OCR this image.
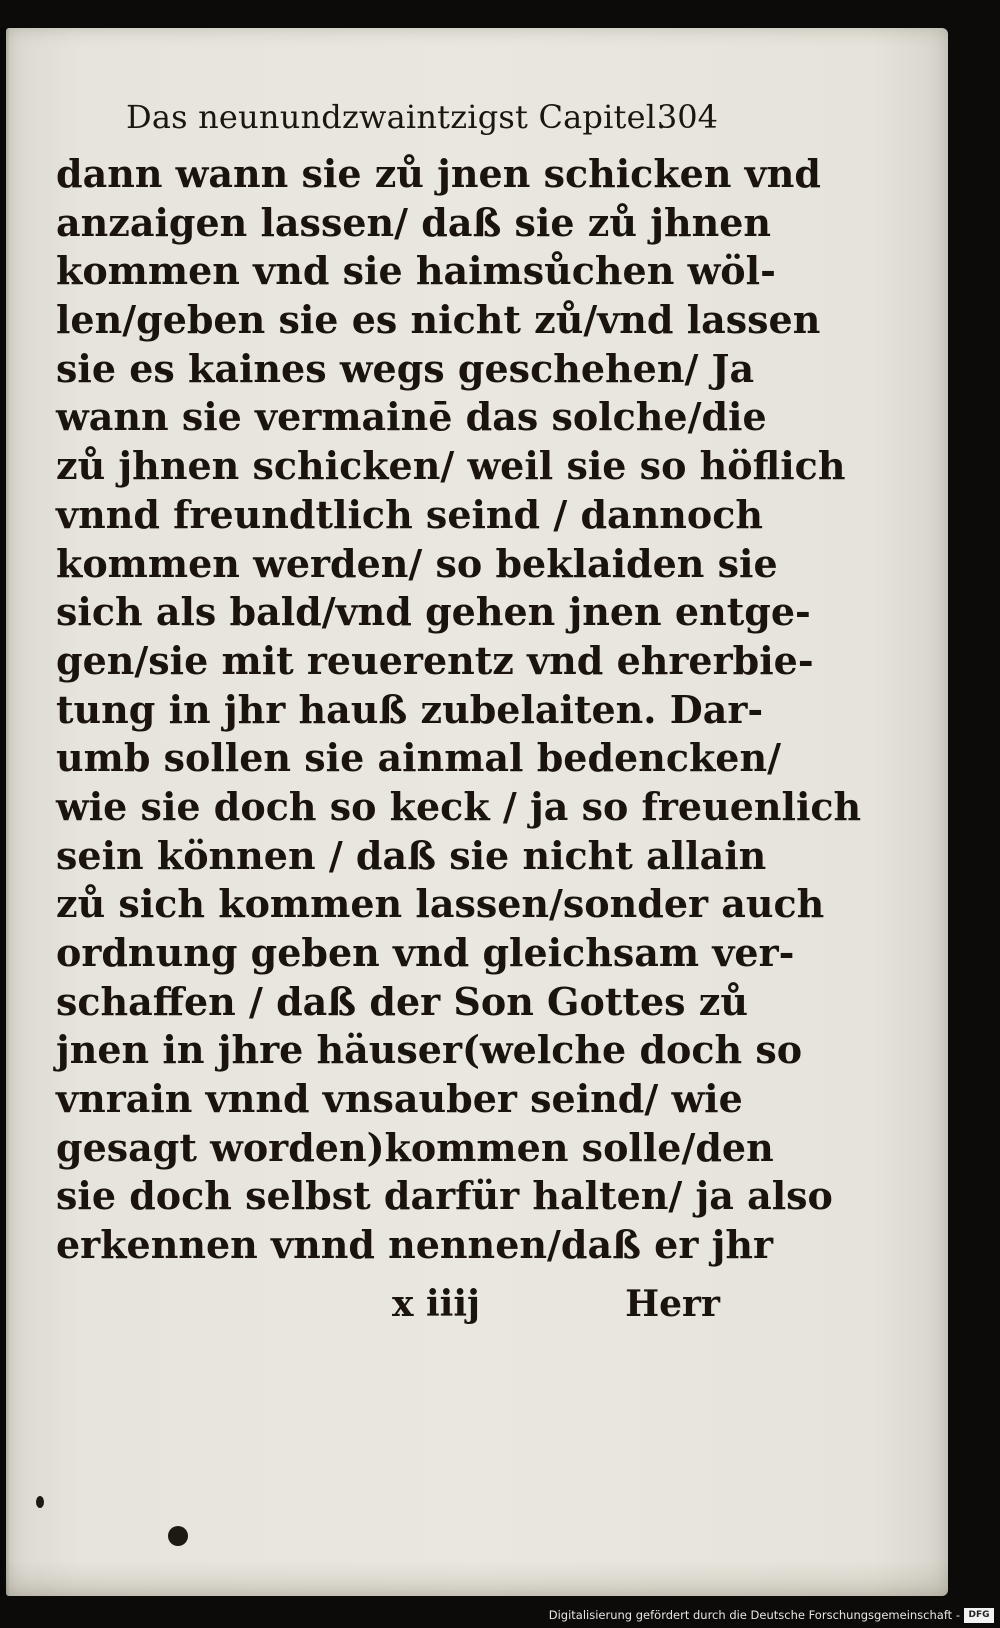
Das neunundzwaintzigst Capitel.
304
dann wann sie zů jnen schicken vnd
anzaigen lassen/ daß sie zů jhnen
kommen vnd sie haimsůchen wöl-
len/geben sie es nicht zů/vnd lassen
sie es kaines wegs geschehen/ Ja
wann sie vermainē das solche/die
zů jhnen schicken/ weil sie so höflich
vnnd freundtlich seind / dannoch
kommen werden/ so beklaiden sie
sich als bald/vnd gehen jnen entge-
gen/sie mit reuerentz vnd ehrerbie-
tung in jhr hauß zubelaiten. Dar-
umb sollen sie ainmal bedencken/
wie sie doch so keck / ja so freuenlich
sein können / daß sie nicht allain
zů sich kommen lassen/sonder auch
ordnung geben vnd gleichsam ver-
schaffen / daß der Son Gottes zů
jnen in jhre häuser(welche doch so
vnrain vnnd vnsauber seind/ wie
gesagt worden)kommen solle/den
sie doch selbst darfür halten/ ja also
erkennen vnnd nennen/daß er jhr
x iiij	Herr
Digitalisierung gefördert durch die Deutsche Forschungsgemeinschaft - DFG
